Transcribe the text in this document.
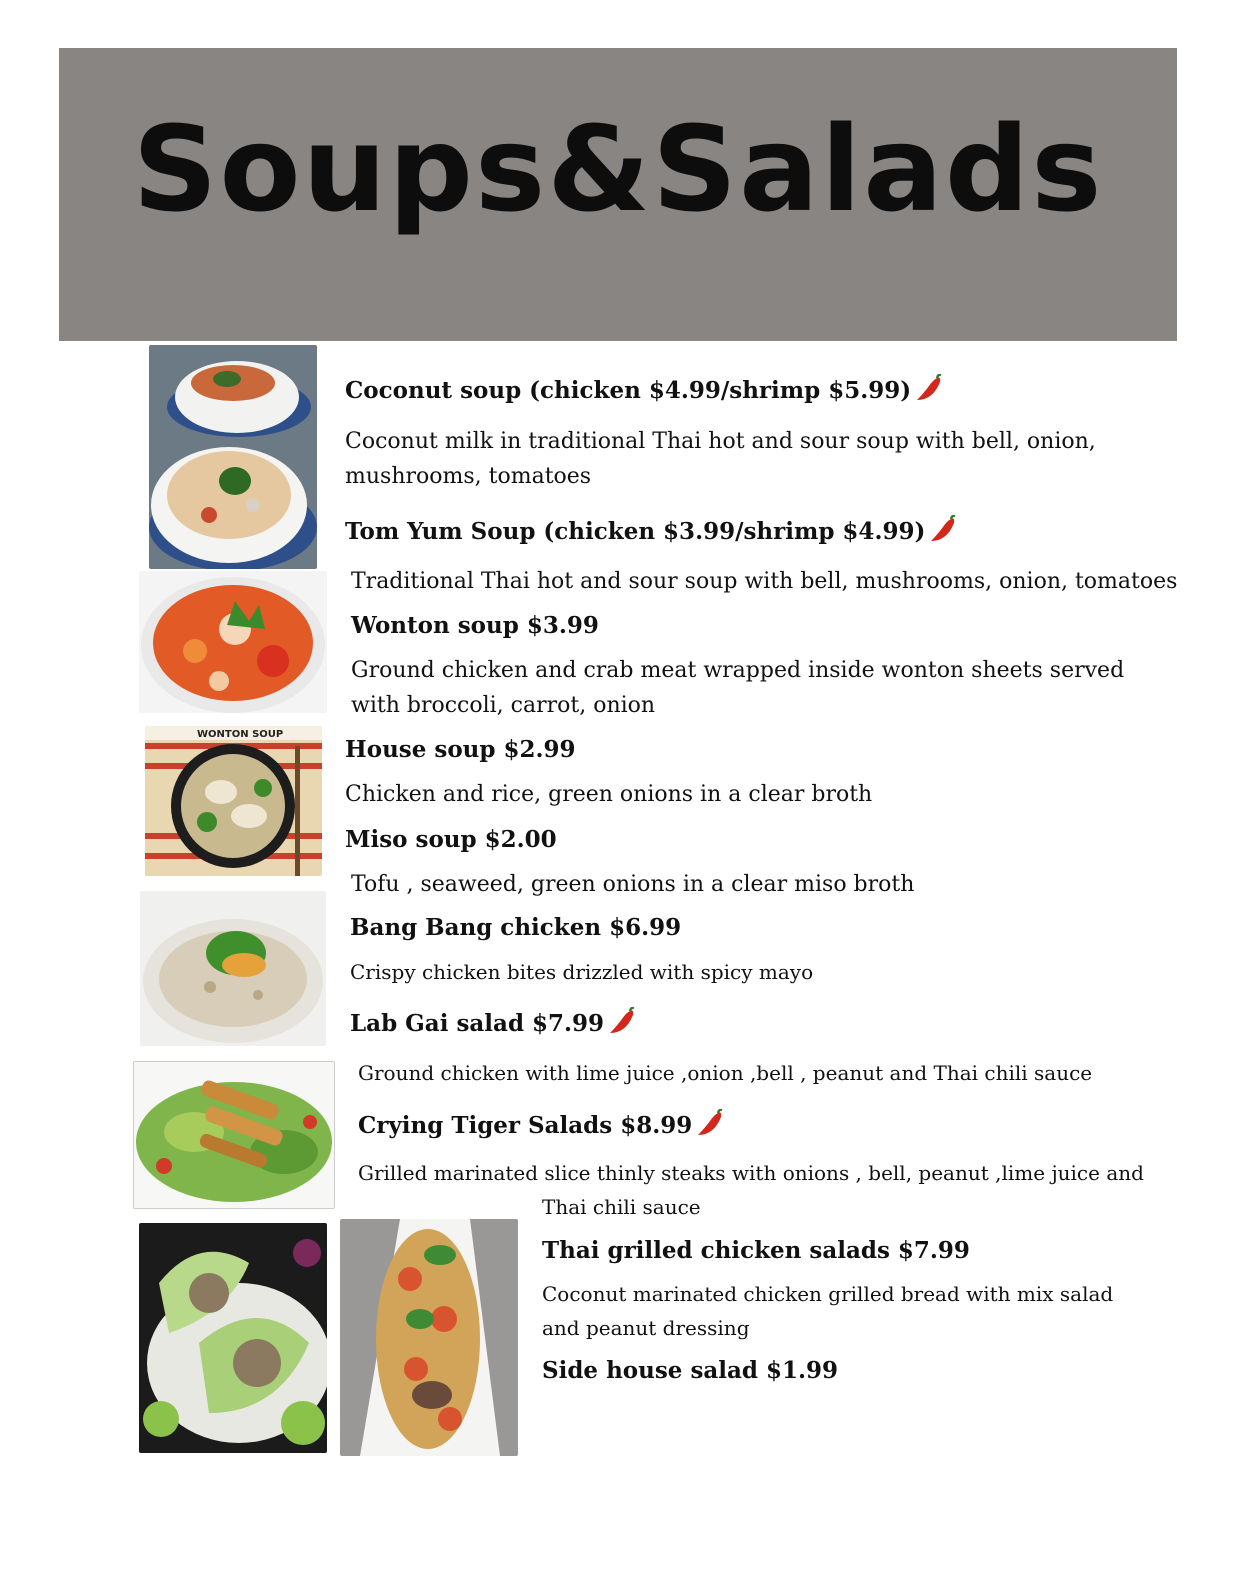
Soups&Salads
WONTON SOUP
Coconut soup (chicken $4.99/shrimp $5.99)
Coconut milk in traditional Thai hot and sour soup with bell, onion, mushrooms, tomatoes
Tom Yum Soup (chicken $3.99/shrimp $4.99)
Traditional Thai hot and sour soup with bell, mushrooms, onion, tomatoes
Wonton soup $3.99
Ground chicken and crab meat wrapped inside wonton sheets served with broccoli, carrot, onion
House soup $2.99
Chicken and rice, green onions in a clear broth
Miso soup $2.00
Tofu , seaweed, green onions in a clear miso broth
Bang Bang chicken $6.99
Crispy chicken bites drizzled with spicy mayo
Lab Gai salad $7.99
Ground chicken with lime juice ,onion ,bell , peanut and Thai chili sauce
Crying Tiger Salads $8.99
Grilled marinated slice thinly steaks with onions , bell, peanut ,lime juice and
Thai chili sauce
Thai grilled chicken salads $7.99
Coconut marinated chicken grilled bread with mix salad and peanut dressing
Side house salad $1.99
